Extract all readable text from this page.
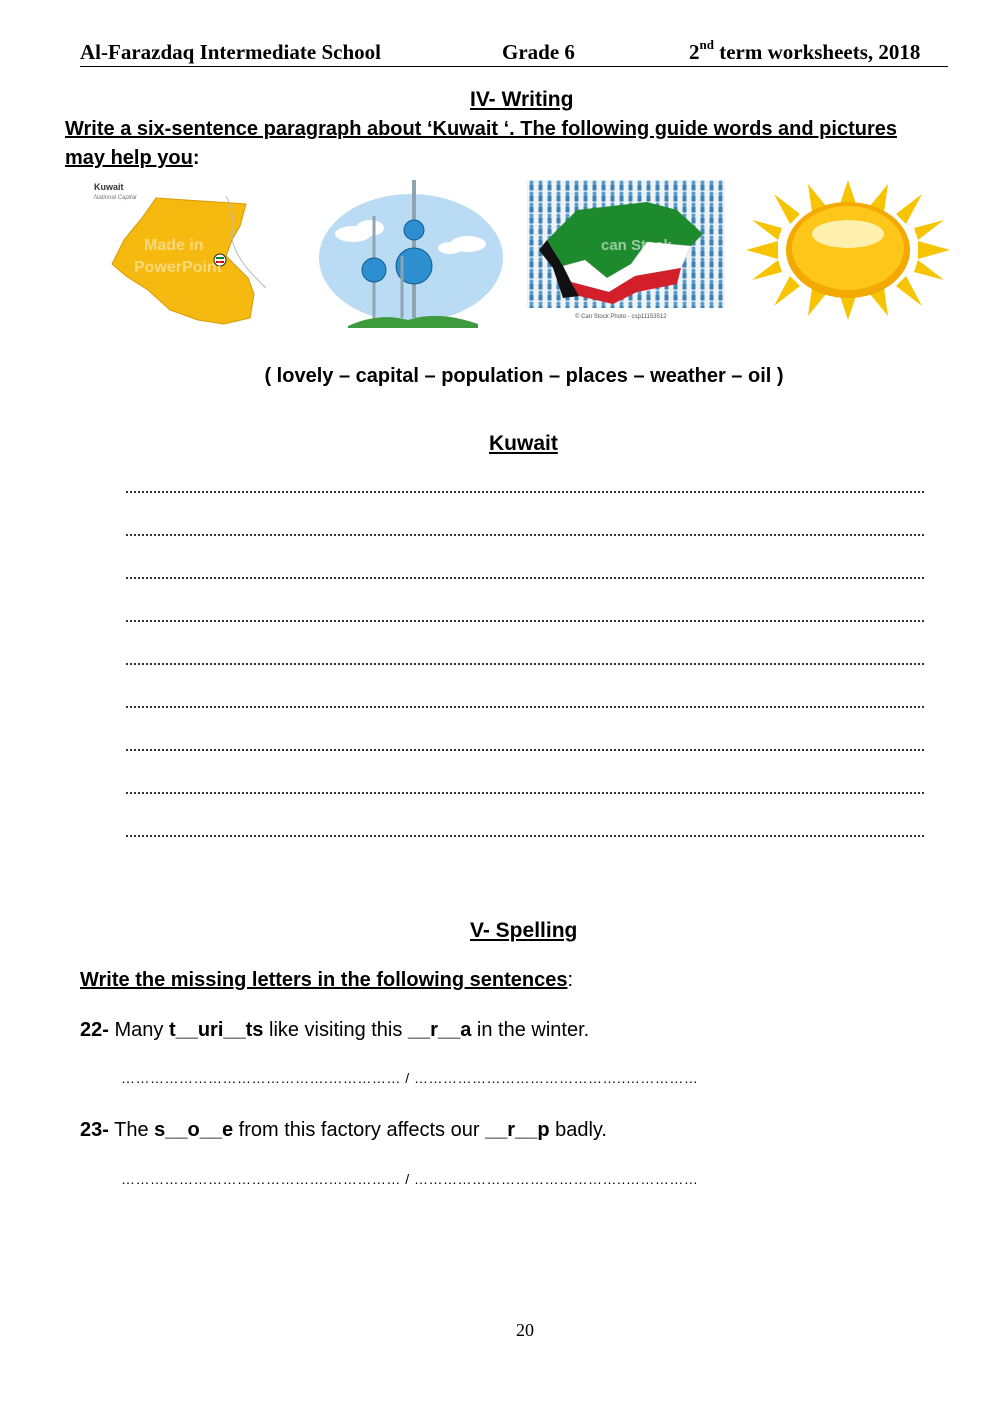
Al-Farazdaq Intermediate School	Grade 6	2nd term worksheets, 2018
IV- Writing
Write a six-sentence paragraph about ‘Kuwait ‘. The following guide words and pictures
may help you:
Kuwait
National Capital
Made in
PowerPoint
can Stock
© Can Stock Photo - csp11153512
( lovely – capital – population – places – weather – oil )
Kuwait
V- Spelling
Write the missing letters in the following sentences:
22- Many t__uri__ts like visiting this __r__a in the winter.
…………………………………….…………… / ……………………………………..……………
23- The s__o__e from this factory affects our __r__p badly.
…………………………………….…………… / ……………………………………..……………
20
